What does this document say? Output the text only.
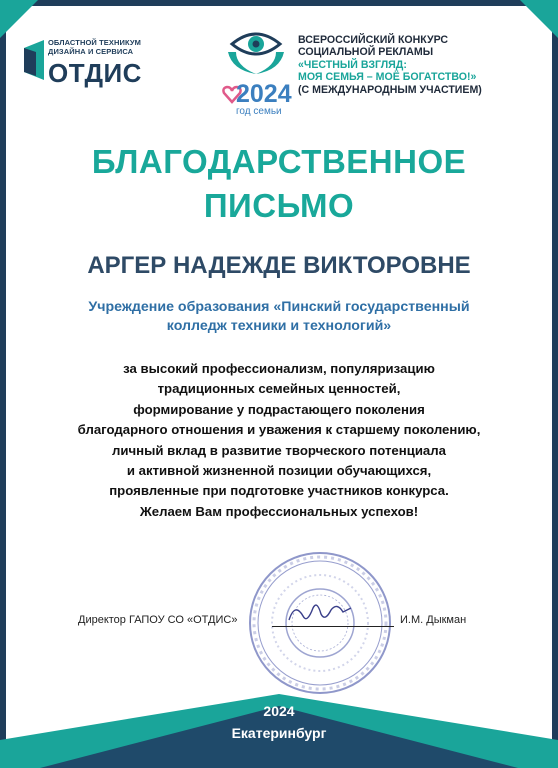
ОБЛАСТНОЙ ТЕХНИКУМ ДИЗАЙНА И СЕРВИСА
ОТДИС
2024
год семьи
ВСЕРОССИЙСКИЙ КОНКУРС
СОЦИАЛЬНОЙ РЕКЛАМЫ
«ЧЕСТНЫЙ ВЗГЛЯД:
МОЯ СЕМЬЯ – МОЁ БОГАТСТВО!»
(С МЕЖДУНАРОДНЫМ УЧАСТИЕМ)
БЛАГОДАРСТВЕННОЕ
ПИСЬМО
АРГЕР НАДЕЖДЕ ВИКТОРОВНЕ
Учреждение образования «Пинский государственный
колледж техники и технологий»
за высокий профессионализм, популяризацию
традиционных семейных ценностей,
формирование у подрастающего поколения
благодарного отношения и уважения к старшему поколению,
личный вклад в развитие творческого потенциала
и активной жизненной позиции обучающихся,
проявленные при подготовке участников конкурса.
Желаем Вам профессиональных успехов!
Директор ГАПОУ СО «ОТДИС»	И.М. Дыкман
2024
Екатеринбург
